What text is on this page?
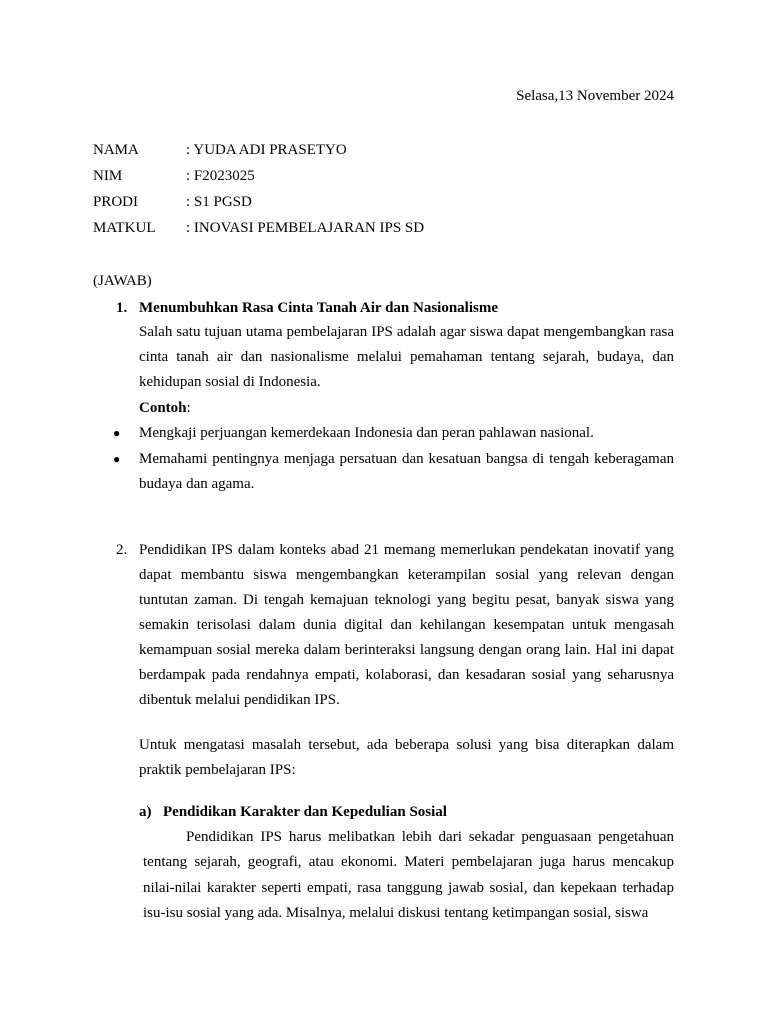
Selasa,13 November 2024
NAMA	: YUDA ADI PRASETYO
NIM	: F2023025
PRODI	: S1 PGSD
MATKUL : INOVASI PEMBELAJARAN IPS SD
(JAWAB)
1. Menumbuhkan Rasa Cinta Tanah Air dan Nasionalisme

Salah satu tujuan utama pembelajaran IPS adalah agar siswa dapat mengembangkan rasa cinta tanah air dan nasionalisme melalui pemahaman tentang sejarah, budaya, dan kehidupan sosial di Indonesia.

Contoh:
● Mengkaji perjuangan kemerdekaan Indonesia dan peran pahlawan nasional.

● Memahami pentingnya menjaga persatuan dan kesatuan bangsa di tengah keberagaman budaya dan agama.

2. Pendidikan IPS dalam konteks abad 21 memang memerlukan pendekatan inovatif yang dapat membantu siswa mengembangkan keterampilan sosial yang relevan dengan tuntutan zaman. Di tengah kemajuan teknologi yang begitu pesat, banyak siswa yang semakin terisolasi dalam dunia digital dan kehilangan kesempatan untuk mengasah kemampuan sosial mereka dalam berinteraksi langsung dengan orang lain. Hal ini dapat berdampak pada rendahnya empati, kolaborasi, dan kesadaran sosial yang seharusnya dibentuk melalui pendidikan IPS.

Untuk mengatasi masalah tersebut, ada beberapa solusi yang bisa diterapkan dalam praktik pembelajaran IPS:

a) Pendidikan Karakter dan Kepedulian Sosial

Pendidikan IPS harus melibatkan lebih dari sekadar penguasaan pengetahuan tentang sejarah, geografi, atau ekonomi. Materi pembelajaran juga harus mencakup nilai-nilai karakter seperti empati, rasa tanggung jawab sosial, dan kepekaan terhadap isu-isu sosial yang ada. Misalnya, melalui diskusi tentang ketimpangan sosial, siswa
